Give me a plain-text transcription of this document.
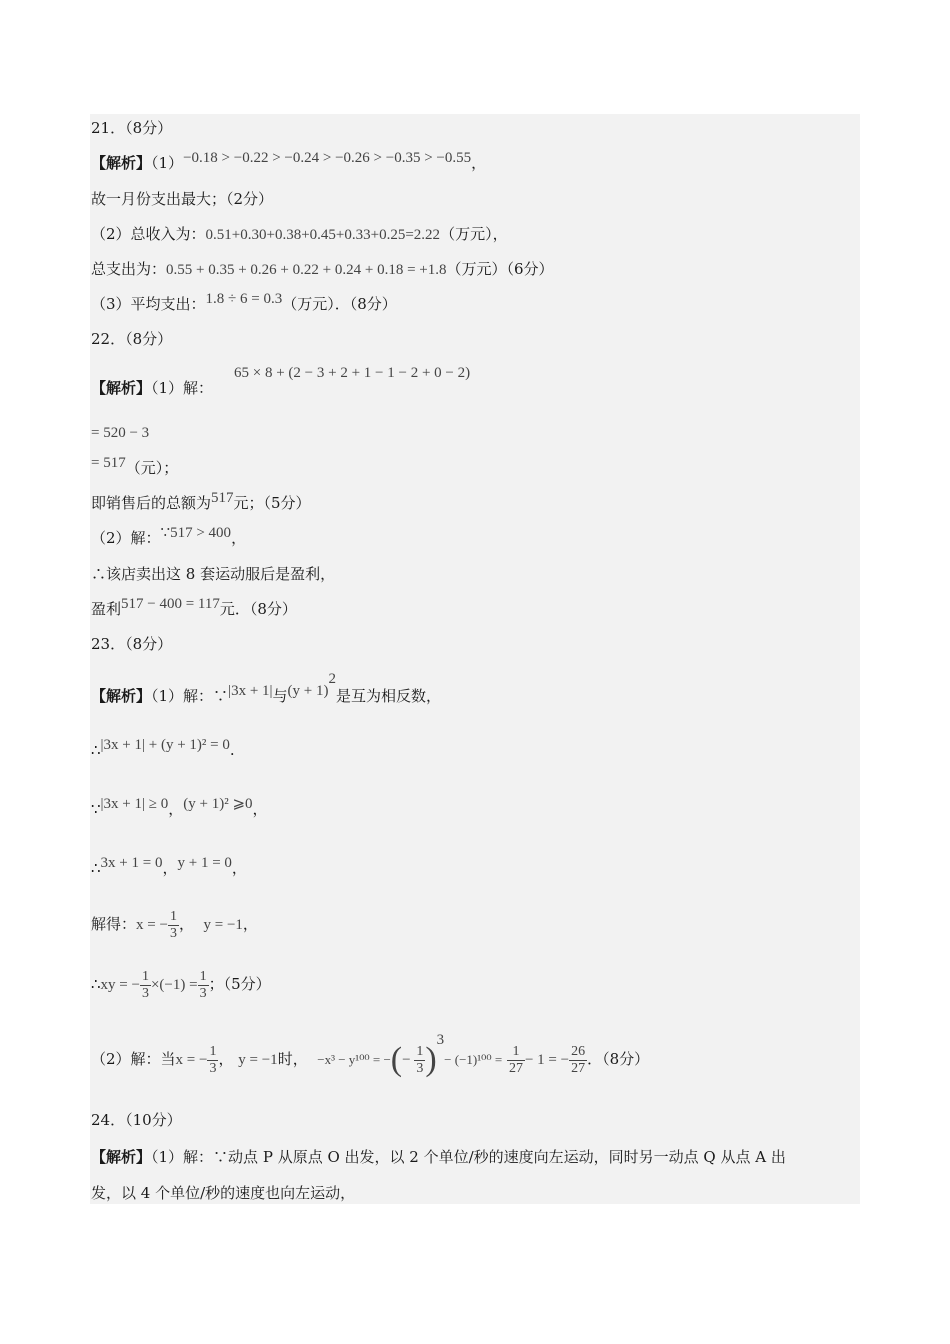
21．（8分）
【解析】（1）−0.18 > −0.22 > −0.24 > −0.26 > −0.35 > −0.55，
故一月份支出最大；（2分）
（2）总收入为：0.51+0.30+0.38+0.45+0.33+0.25=2.22（万元），
总支出为：0.55 + 0.35 + 0.26 + 0.22 + 0.24 + 0.18 = +1.8（万元）（6分）
（3）平均支出：1.8 ÷ 6 = 0.3（万元）．（8分）
22．（8分）
65 × 8 + (2 − 3 + 2 + 1 − 1 − 2 + 0 − 2)
【解析】（1）解：
= 520 − 3
= 517（元）；
即销售后的总额为517元；（5分）
（2）解：∵517 > 400，
∴该店卖出这 8 套运动服后是盈利，
盈利517 − 400 = 117元．（8分）
23．（8分）
【解析】（1）解：∵|3x + 1|与$(y + 1)^2$是互为相反数，
∴|3x + 1| + (y + 1)² = 0.
∵|3x + 1| ≥ 0，(y + 1)² ⩾0，
∴3x + 1 = 0，y + 1 = 0，
解得：x = − $\frac{1}{3}$ ， y = −1，
∴xy = − $\frac{1}{3} \times(-1) = \frac{1}{3}$ ；（5分）
（2）解：当x = − $\frac{1}{3}$ ， y = −1时， −x³ − y¹⁰⁰ = −(− $\frac{1}{3} )^3- (-1)^{100} = \frac{1}{27} - 1$ = − $\frac{26}{27}$ ．（8分）
24．（10分）
【解析】（1）解：∵动点 P 从原点 O 出发，以 2 个单位/秒的速度向左运动，同时另一动点 Q 从点 A 出
发，以 4 个单位/秒的速度也向左运动，
